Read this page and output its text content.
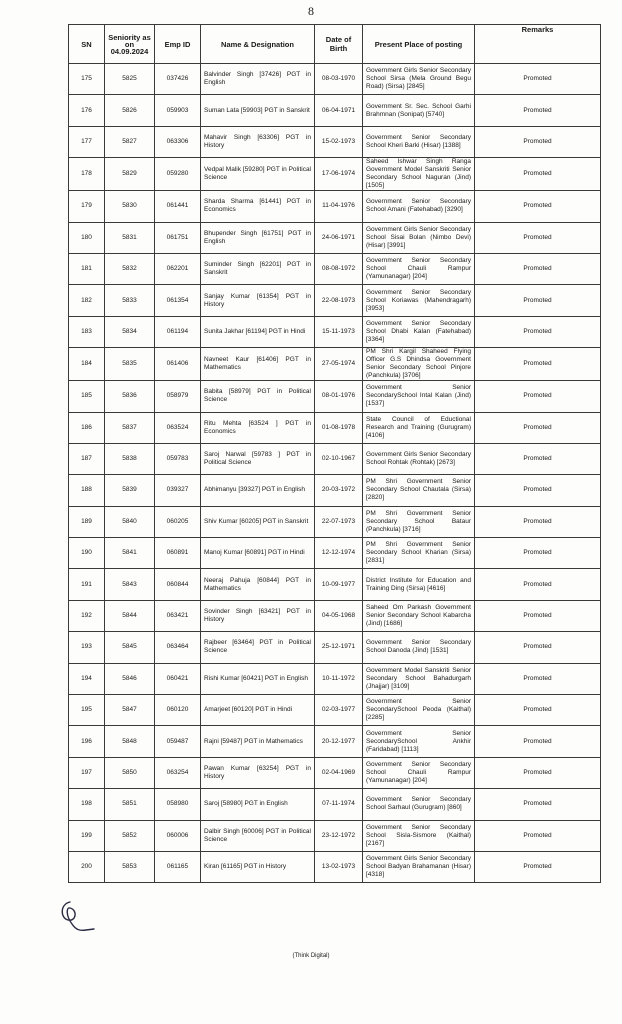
8
SN	Seniority as on 04.09.2024	Emp ID	Name & Designation	Date of Birth	Present Place of posting	Remarks
175	5825	037426	Balvinder Singh [37426] PGT in English	08-03-1970	Government Girls Senior Secondary School Sirsa (Mela Ground Begu Road) (Sirsa) [2845]	Promoted
176	5826	059903	Suman Lata [59903] PGT in Sanskrit	06-04-1971	Government Sr. Sec. School Garhi Brahmnan (Sonipat) [5740]	Promoted
177	5827	063306	Mahavir Singh [63306] PGT in History	15-02-1973	Government Senior Secondary School Kheri Barki (Hisar) [1388]	Promoted
178	5829	059280	Vedpal Malik [59280] PGT in Political Science	17-06-1974	Saheed Ishwar Singh Ranga Government Model Sanskriti Senior Secondary School Naguran (Jind) [1505]	Promoted
179	5830	061441	Sharda Sharma [61441] PGT in Economics	11-04-1976	Government Senior Secondary School Amani (Fatehabad) [3290]	Promoted
180	5831	061751	Bhupender Singh [61751] PGT in English	24-06-1971	Government Girls Senior Secondary School Sisai Bolan (Nimbo Devi) (Hisar) [3991]	Promoted
181	5832	062201	Suminder Singh [62201] PGT in Sanskrit	08-08-1972	Government Senior Secondary School Chauli Rampur (Yamunanagar) [204]	Promoted
182	5833	061354	Sanjay Kumar [61354] PGT in History	22-08-1973	Government Senior Secondary School Koriawas (Mahendragarh) [3953]	Promoted
183	5834	061194	Sunita Jakhar [61194] PGT in Hindi	15-11-1973	Government Senior Secondary School Dhabi Kalan (Fatehabad) [3364]	Promoted
184	5835	061406	Navneet Kaur [61406] PGT in Mathematics	27-05-1974	PM Shri Kargil Shaheed Flying Officer G.S Dhindsa Government Senior Secondary School Pinjore (Panchkula) [3706]	Promoted
185	5836	058979	Babita [58979] PGT in Political Science	08-01-1976	Government Senior SecondarySchool Intal Kalan (Jind) [1537]	Promoted
186	5837	063524	Ritu Mehta [63524 ] PGT in Economics	01-08-1978	State Council of Eductional Research and Training (Gurugram) [4106]	Promoted
187	5838	059783	Saroj Narwal [59783 ] PGT in Political Science	02-10-1967	Government Girls Senior Secondary School Rohtak (Rohtak) [2673]	Promoted
188	5839	039327	Abhimanyu [39327] PGT in English	20-03-1972	PM Shri Government Senior Secondary School Chautala (Sirsa) [2820]	Promoted
189	5840	060205	Shiv Kumar [60205] PGT in Sanskrit	22-07-1973	PM Shri Government Senior Secondary School Bataur (Panchkula) [3716]	Promoted
190	5841	060891	Manoj Kumar [60891] PGT in Hindi	12-12-1974	PM Shri Government Senior Secondary School Kharian (Sirsa) [2831]	Promoted
191	5843	060844	Neeraj Pahuja [60844] PGT in Mathematics	10-09-1977	District Institute for Education and Training Ding (Sirsa) [4616]	Promoted
192	5844	063421	Sovinder Singh [63421] PGT in History	04-05-1968	Saheed Om Parkash Government Senior Secondary School Kabarcha (Jind) [1686]	Promoted
193	5845	063464	Rajbeer [63464] PGT in Political Science	25-12-1971	Government Senior Secondary School Danoda (Jind) [1531]	Promoted
194	5846	060421	Rishi Kumar [60421] PGT in English	10-11-1972	Government Model Sanskriti Senior Secondary School Bahadurgarh (Jhajjar) [3109]	Promoted
195	5847	060120	Amarjeet [60120] PGT in Hindi	02-03-1977	Government Senior SecondarySchool Peoda (Kaithal) [2285]	Promoted
196	5848	059487	Rajni [59487] PGT in Mathematics	20-12-1977	Government Senior SecondarySchool Ankhir (Faridabad) [1113]	Promoted
197	5850	063254	Pawan Kumar [63254] PGT in History	02-04-1969	Government Senior Secondary School Chauli Rampur (Yamunanagar) [204]	Promoted
198	5851	058980	Saroj [58980] PGT in English	07-11-1974	Government Senior Secondary School Sarhaul (Gurugram) [860]	Promoted
199	5852	060006	Dalbir Singh [60006] PGT in Political Science	23-12-1972	Government Senior Secondary School Sisla-Sismore (Kaithal) [2167]	Promoted
200	5853	061165	Kiran [61165] PGT in History	13-02-1973	Government Girls Senior Secondary School Badyan Brahamanan (Hisar) [4318]	Promoted
(Think Digital)
